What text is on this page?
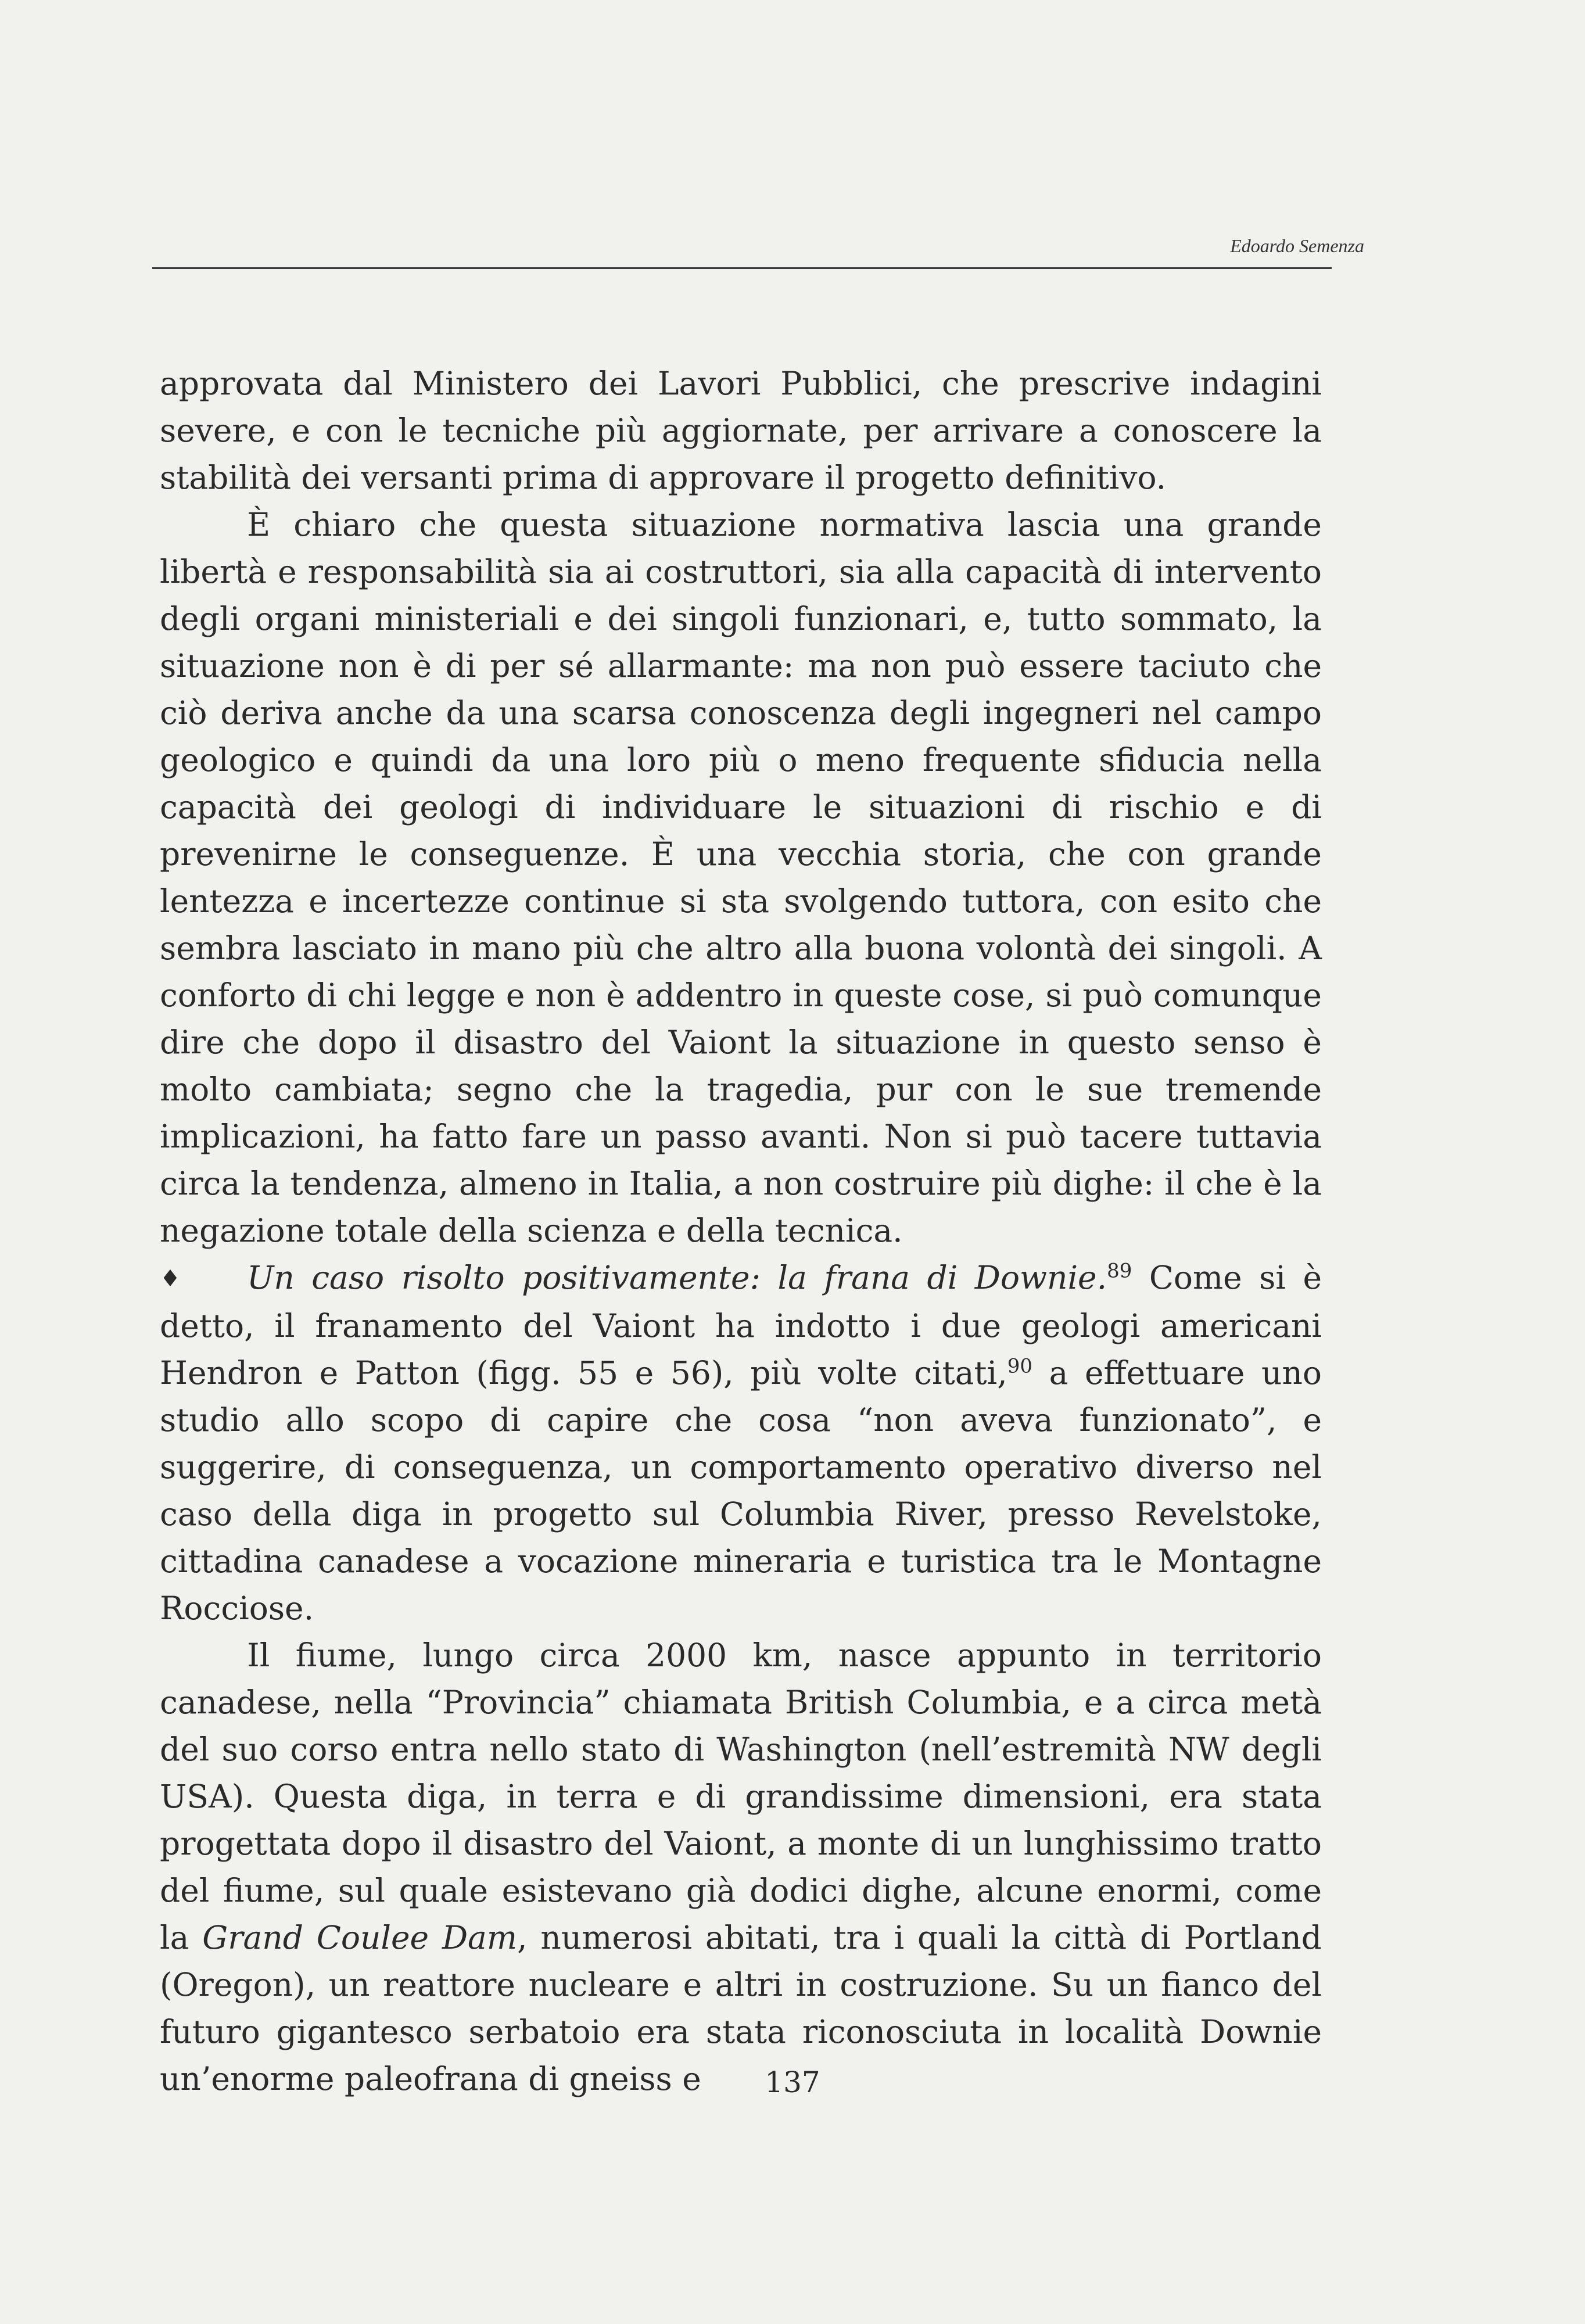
Edoardo Semenza

approvata dal Ministero dei Lavori Pubblici, che prescrive indagini severe, e con le tecniche più aggiornate, per arrivare a conoscere la stabilità dei versanti prima di approvare il progetto definitivo.

È chiaro che questa situazione normativa lascia una grande libertà e responsabilità sia ai costruttori, sia alla capacità di intervento degli organi ministeriali e dei singoli funzionari, e, tutto sommato, la situazione non è di per sé allarmante: ma non può essere taciuto che ciò deriva anche da una scarsa conoscenza degli ingegneri nel campo geologico e quindi da una loro più o meno frequente sfiducia nella capacità dei geologi di individuare le situazioni di rischio e di prevenirne le conseguenze. È una vecchia storia, che con grande lentezza e incertezze continue si sta svolgendo tuttora, con esito che sembra lasciato in mano più che altro alla buona volontà dei singoli. A conforto di chi legge e non è addentro in queste cose, si può comunque dire che dopo il disastro del Vaiont la situazione in questo senso è molto cambiata; segno che la tragedia, pur con le sue tremende implicazioni, ha fatto fare un passo avanti. Non si può tacere tuttavia circa la tendenza, almeno in Italia, a non costruire più dighe: il che è la negazione totale della scienza e della tecnica.

♦ Un caso risolto positivamente: la frana di Downie.$^{89}$ Come si è detto, il franamento del Vaiont ha indotto i due geologi americani Hendron e Patton (figg. 55 e 56), più volte citati,$^{90}$ a effettuare uno studio allo scopo di capire che cosa “non aveva funzionato”, e suggerire, di conseguenza, un comportamento operativo diverso nel caso della diga in progetto sul Columbia River, presso Revelstoke, cittadina canadese a vocazione mineraria e turistica tra le Montagne Rocciose.

Il fiume, lungo circa 2000 km, nasce appunto in territorio canadese, nella “Provincia” chiamata British Columbia, e a circa metà del suo corso entra nello stato di Washington (nell’estremità NW degli USA). Questa diga, in terra e di grandissime dimensioni, era stata progettata dopo il disastro del Vaiont, a monte di un lunghissimo tratto del fiume, sul quale esistevano già dodici dighe, alcune enormi, come la Grand Coulee Dam, numerosi abitati, tra i quali la città di Portland (Oregon), un reattore nucleare e altri in costruzione. Su un fianco del futuro gigantesco serbatoio era stata riconosciuta in località Downie un’enorme paleofrana di gneiss e	137
